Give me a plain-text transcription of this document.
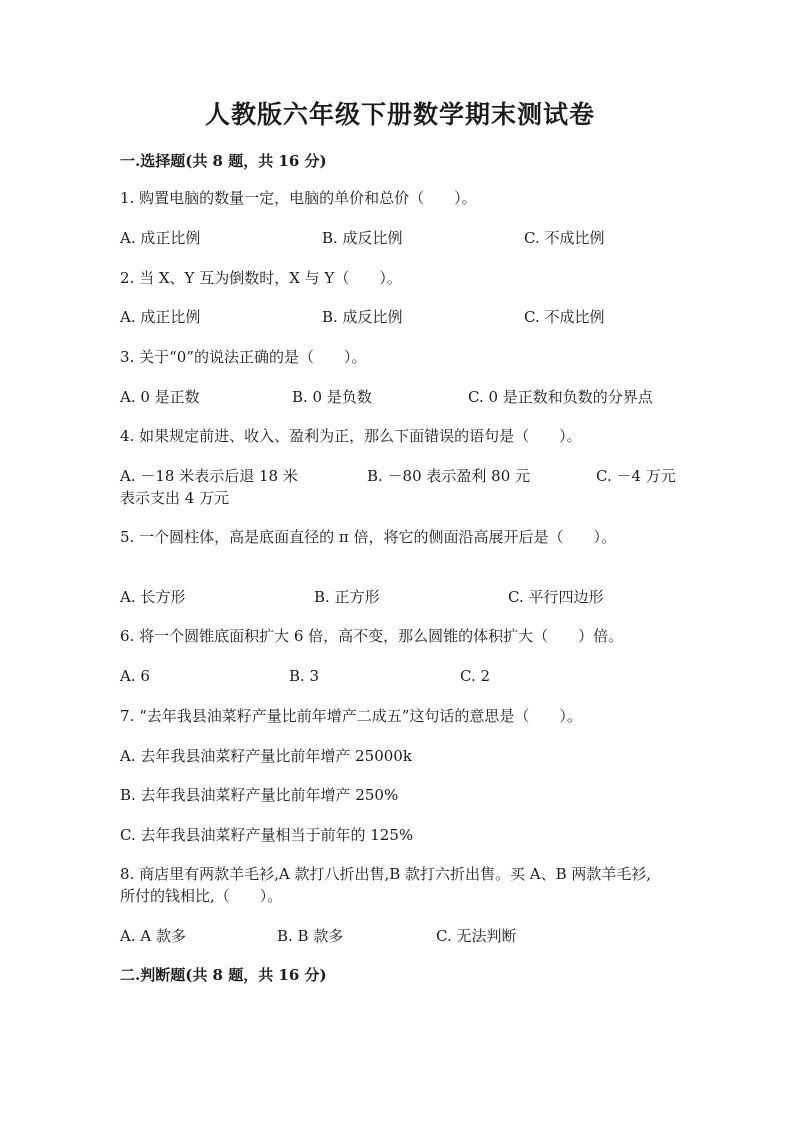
人教版六年级下册数学期末测试卷
一.选择题(共 8 题，共 16 分)
1. 购置电脑的数量一定，电脑的单价和总价（　　）。
A. 成正比例	B. 成反比例	C. 不成比例
2. 当 X、Y 互为倒数时，X 与 Y（　　）。
A. 成正比例	B. 成反比例	C. 不成比例
3. 关于“0”的说法正确的是（　　）。
A. 0 是正数	B. 0 是负数	C. 0 是正数和负数的分界点
4. 如果规定前进、收入、盈利为正，那么下面错误的语句是（　　）。
A. －18 米表示后退 18 米	B. －80 表示盈利 80 元	C. －4 万元
表示支出 4 万元
5. 一个圆柱体，高是底面直径的 π 倍，将它的侧面沿高展开后是（　　）。
A. 长方形	B. 正方形	C. 平行四边形
6. 将一个圆锥底面积扩大 6 倍，高不变，那么圆锥的体积扩大（　　）倍。
A. 6	B. 3	C. 2
7. “去年我县油菜籽产量比前年增产二成五”这句话的意思是（　　）。
A. 去年我县油菜籽产量比前年增产 25000k
B. 去年我县油菜籽产量比前年增产 250%
C. 去年我县油菜籽产量相当于前年的 125%
8. 商店里有两款羊毛衫,A 款打八折出售,B 款打六折出售。买 A、B 两款羊毛衫,
所付的钱相比,（　　）。
A. A 款多	B. B 款多	C. 无法判断
二.判断题(共 8 题，共 16 分)
